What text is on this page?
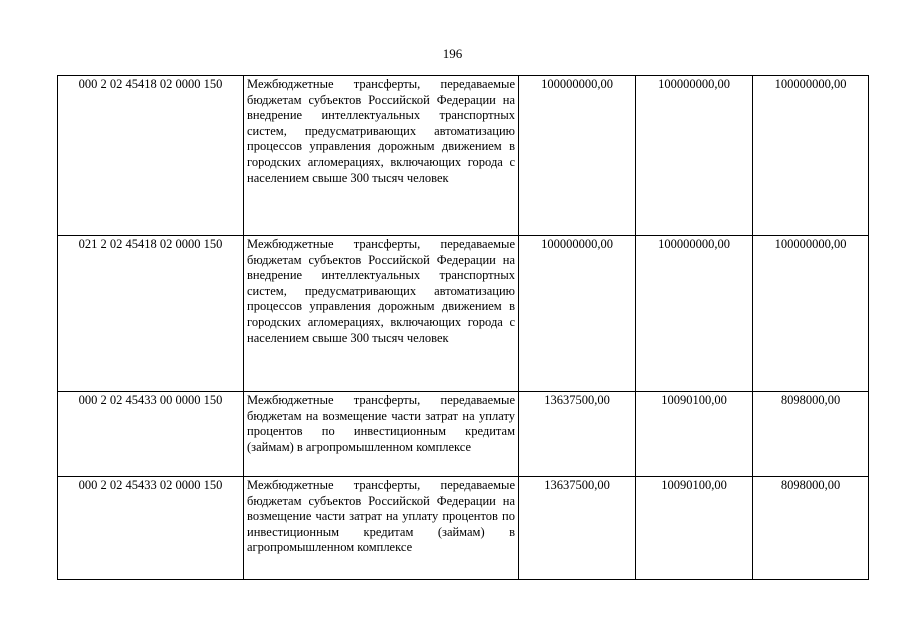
196
000 2 02 45418 02 0000 150	Межбюджетные трансферты, передаваемые бюджетам субъектов Российской Федерации на внедрение интеллектуальных транспортных систем, предусматривающих автоматизацию процессов управления дорожным движением в городских агломерациях, включающих города с населением свыше 300 тысяч человек	100000000,00	100000000,00	100000000,00
021 2 02 45418 02 0000 150	Межбюджетные трансферты, передаваемые бюджетам субъектов Российской Федерации на внедрение интеллектуальных транспортных систем, предусматривающих автоматизацию процессов управления дорожным движением в городских агломерациях, включающих города с населением свыше 300 тысяч человек	100000000,00	100000000,00	100000000,00
000 2 02 45433 00 0000 150	Межбюджетные трансферты, передаваемые бюджетам на возмещение части затрат на уплату процентов по инвестиционным кредитам (займам) в агропромышленном комплексе	13637500,00	10090100,00	8098000,00
000 2 02 45433 02 0000 150	Межбюджетные трансферты, передаваемые бюджетам субъектов Российской Федерации на возмещение части затрат на уплату процентов по инвестиционным кредитам (займам) в агропромышленном комплексе	13637500,00	10090100,00	8098000,00
